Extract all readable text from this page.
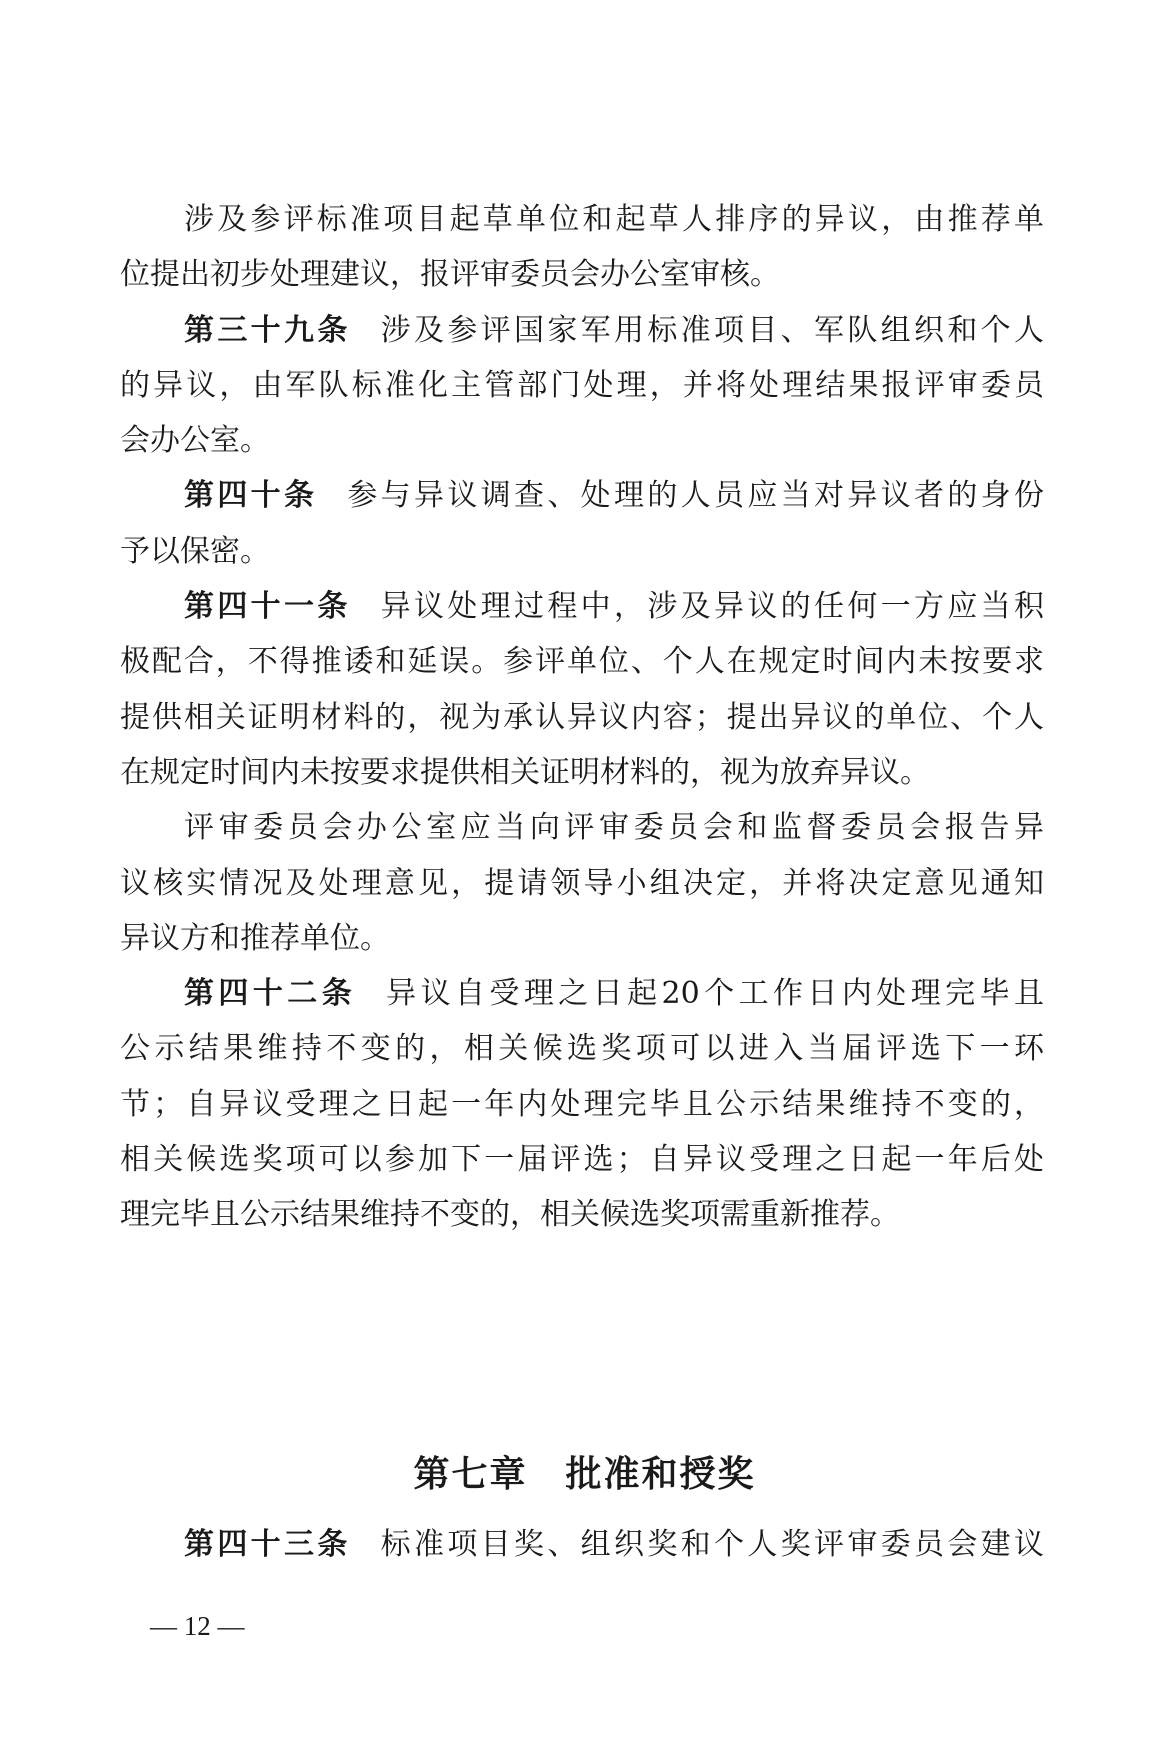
涉及参评标准项目起草单位和起草人排序的异议，由推荐单
位提出初步处理建议，报评审委员会办公室审核。
第三十九条 涉及参评国家军用标准项目、军队组织和个人
的异议，由军队标准化主管部门处理，并将处理结果报评审委员
会办公室。
第四十条 参与异议调查、处理的人员应当对异议者的身份
予以保密。
第四十一条 异议处理过程中，涉及异议的任何一方应当积
极配合，不得推诿和延误。参评单位、个人在规定时间内未按要求
提供相关证明材料的，视为承认异议内容；提出异议的单位、个人
在规定时间内未按要求提供相关证明材料的，视为放弃异议。
评审委员会办公室应当向评审委员会和监督委员会报告异
议核实情况及处理意见，提请领导小组决定，并将决定意见通知
异议方和推荐单位。
第四十二条 异议自受理之日起20个工作日内处理完毕且
公示结果维持不变的，相关候选奖项可以进入当届评选下一环
节；自异议受理之日起一年内处理完毕且公示结果维持不变的，
相关候选奖项可以参加下一届评选；自异议受理之日起一年后处
理完毕且公示结果维持不变的，相关候选奖项需重新推荐。
第七章　批准和授奖
第四十三条 标准项目奖、组织奖和个人奖评审委员会建议
— 12 —
